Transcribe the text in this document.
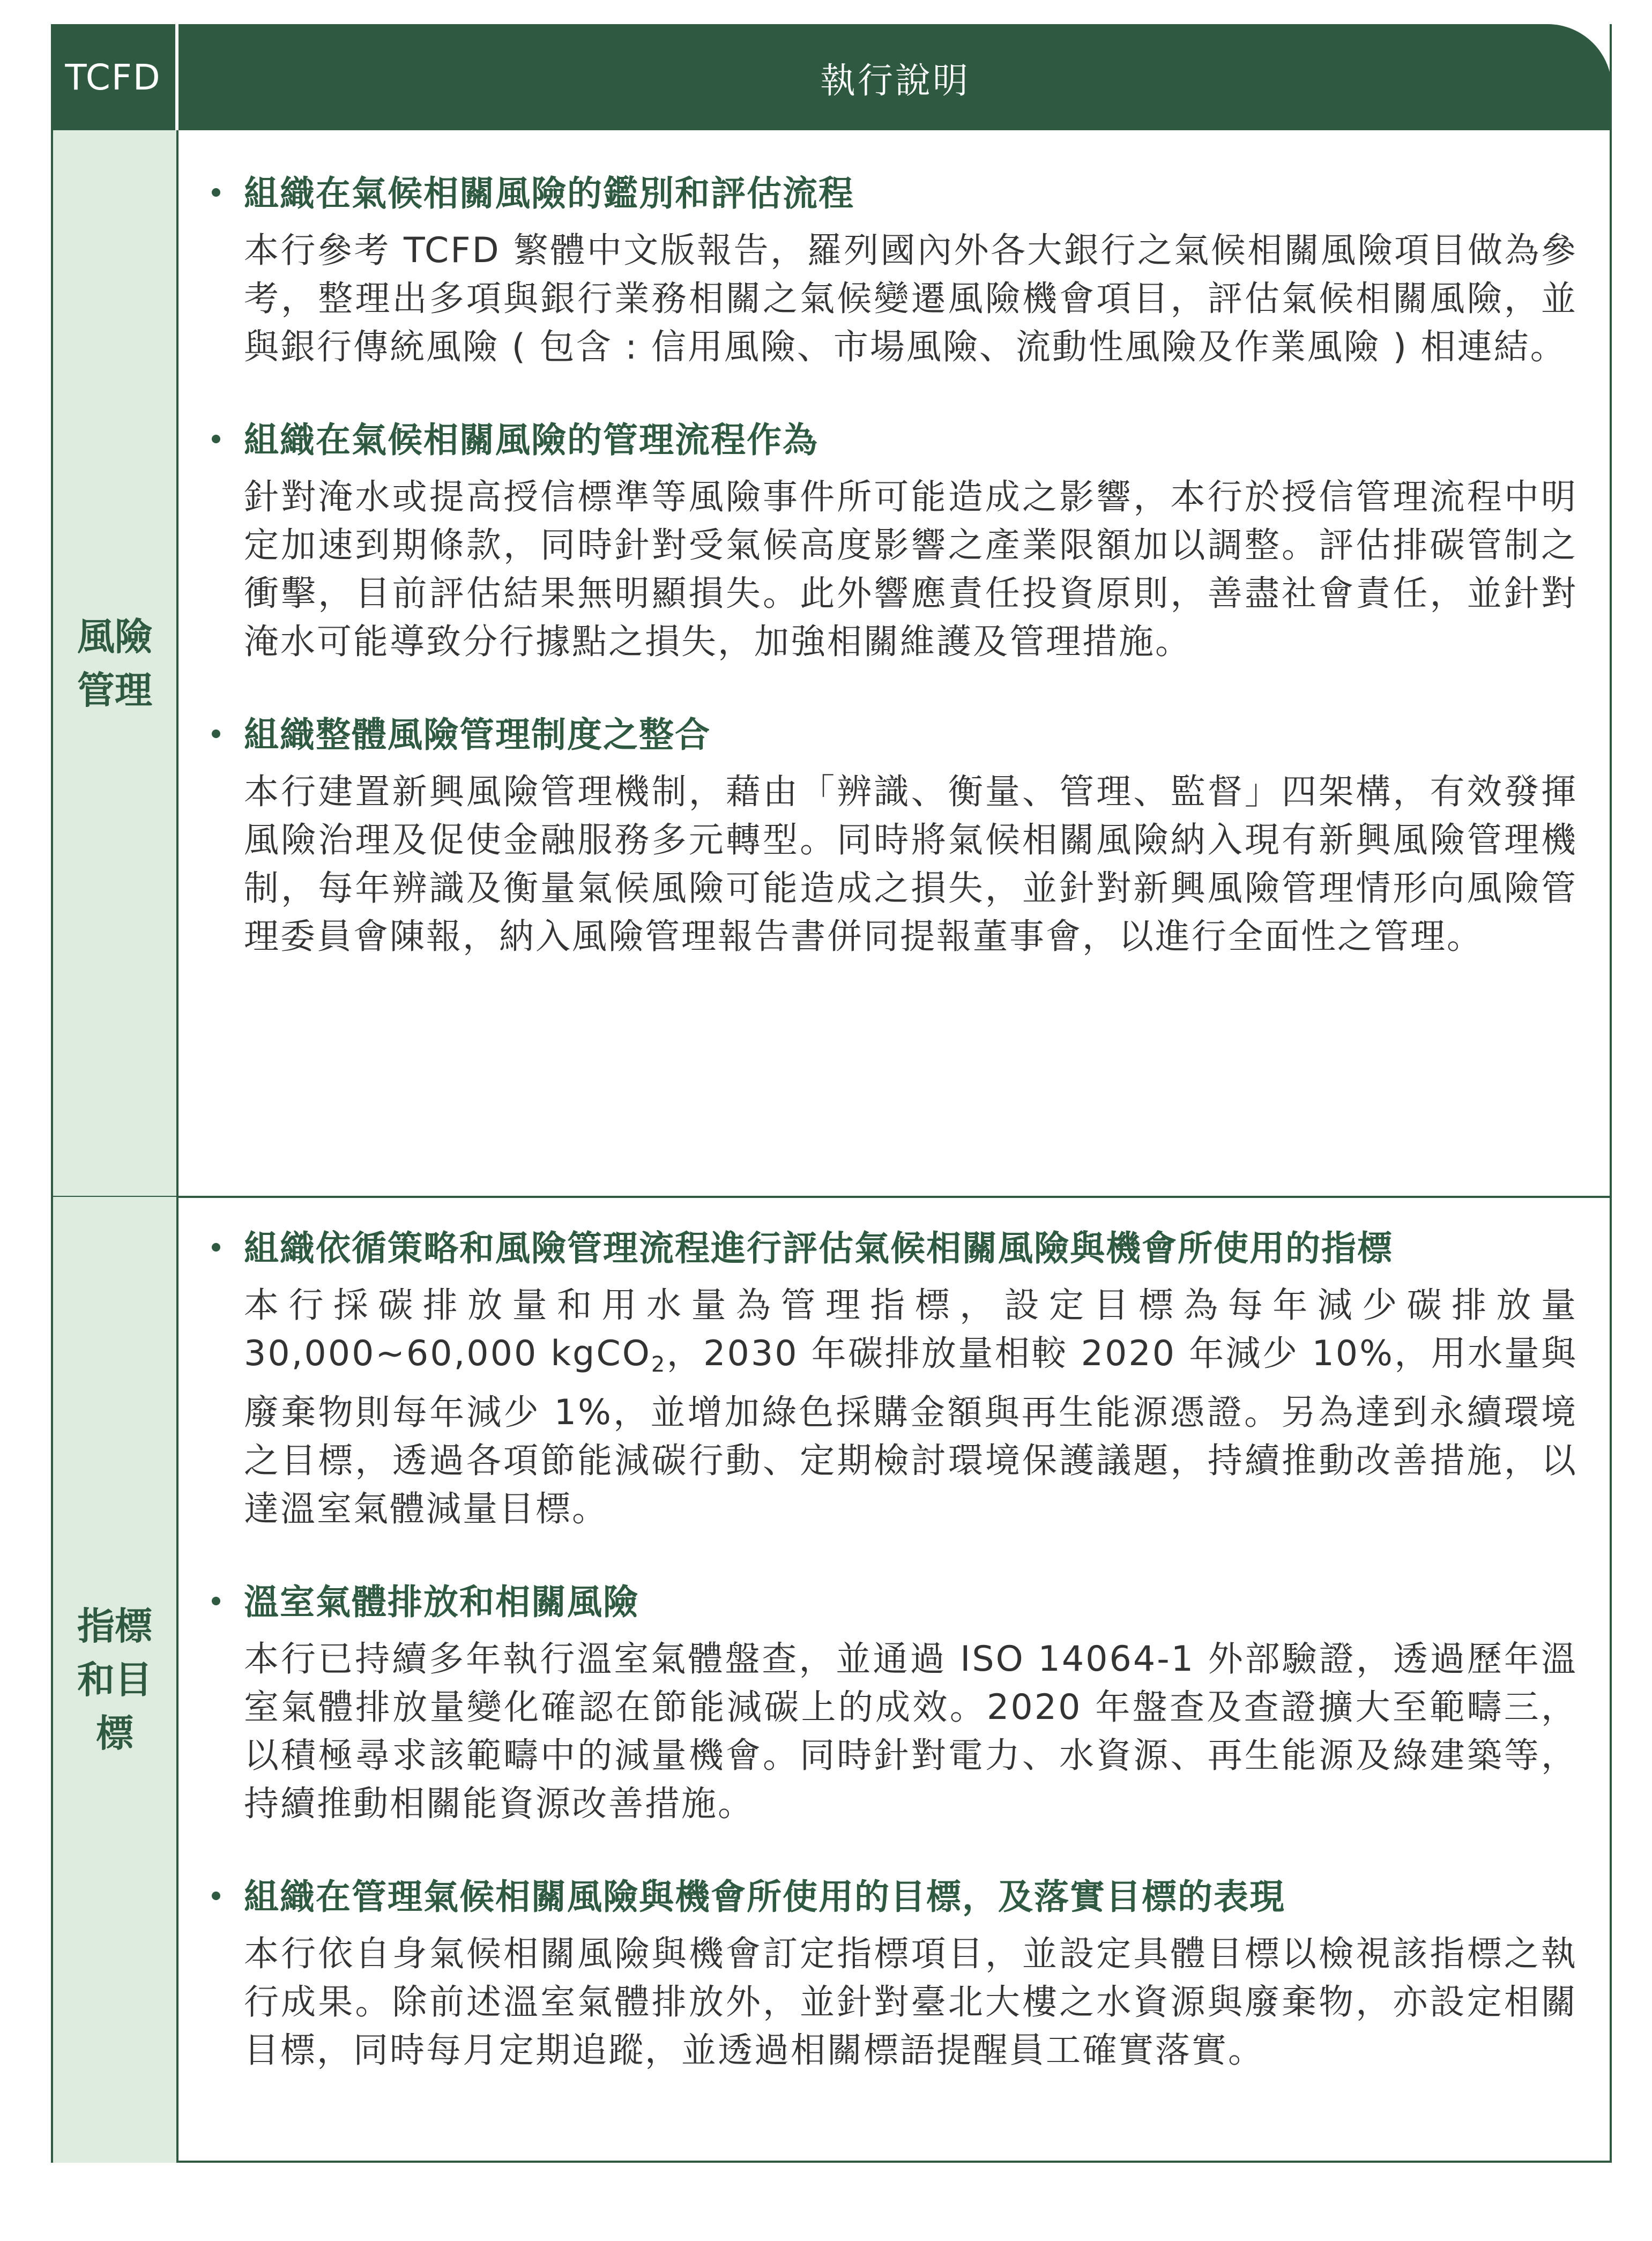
TCFD	執行說明
風險管理
指標和目標
組織在氣候相關風險的鑑別和評估流程
本行參考 TCFD 繁體中文版報告，羅列國內外各大銀行之氣候相關風險項目做為參考，整理出多項與銀行業務相關之氣候變遷風險機會項目，評估氣候相關風險，並與銀行傳統風險 ( 包含 : 信用風險、市場風險、流動性風險及作業風險 ) 相連結。
組織在氣候相關風險的管理流程作為
針對淹水或提高授信標準等風險事件所可能造成之影響，本行於授信管理流程中明定加速到期條款，同時針對受氣候高度影響之產業限額加以調整。評估排碳管制之衝擊，目前評估結果無明顯損失。此外響應責任投資原則，善盡社會責任，並針對淹水可能導致分行據點之損失，加強相關維護及管理措施。
組織整體風險管理制度之整合
本行建置新興風險管理機制，藉由「辨識、衡量、管理、監督」四架構，有效發揮風險治理及促使金融服務多元轉型。同時將氣候相關風險納入現有新興風險管理機制，每年辨識及衡量氣候風險可能造成之損失，並針對新興風險管理情形向風險管理委員會陳報，納入風險管理報告書併同提報董事會，以進行全面性之管理。
組織依循策略和風險管理流程進行評估氣候相關風險與機會所使用的指標
本行採碳排放量和用水量為管理指標，設定目標為每年減少碳排放量 30,000~60,000 kgCO$_2$，2030 年碳排放量相較 2020 年減少 10%，用水量與廢棄物則每年減少 1%，並增加綠色採購金額與再生能源憑證。另為達到永續環境之目標，透過各項節能減碳行動、定期檢討環境保護議題，持續推動改善措施，以達溫室氣體減量目標。
溫室氣體排放和相關風險
本行已持續多年執行溫室氣體盤查，並通過 ISO 14064-1 外部驗證，透過歷年溫室氣體排放量變化確認在節能減碳上的成效。2020 年盤查及查證擴大至範疇三，以積極尋求該範疇中的減量機會。同時針對電力、水資源、再生能源及綠建築等，持續推動相關能資源改善措施。
組織在管理氣候相關風險與機會所使用的目標，及落實目標的表現
本行依自身氣候相關風險與機會訂定指標項目，並設定具體目標以檢視該指標之執行成果。除前述溫室氣體排放外，並針對臺北大樓之水資源與廢棄物，亦設定相關目標，同時每月定期追蹤，並透過相關標語提醒員工確實落實。
